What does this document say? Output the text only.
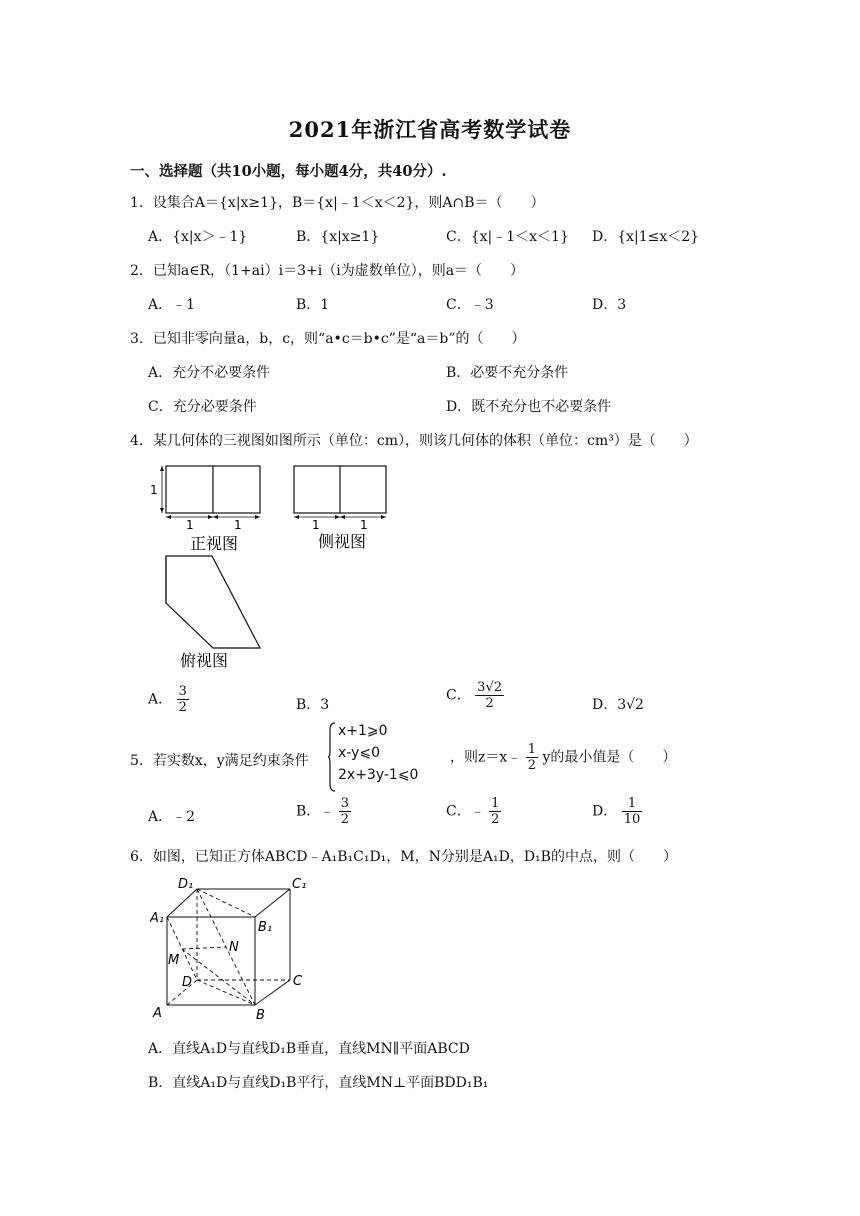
2021年浙江省高考数学试卷
一、选择题（共10小题，每小题4分，共40分）.
1．设集合A＝{x|x≥1}，B＝{x|﹣1＜x＜2}，则A∩B＝（　　）
A．{x|x＞﹣1}	B．{x|x≥1}	C．{x|﹣1＜x＜1} D．{x|1≤x＜2}
2．已知a∈R，（1+ai）i＝3+i（i为虚数单位），则a＝（　　）
A．﹣1	B．1	C．﹣3	D．3
3．已知非零向量a，b，c，则“a•c＝b•c”是“a＝b”的（　　）
A．充分不必要条件	B．必要不充分条件
C．充分必要条件	D．既不充分也不必要条件
4．某几何体的三视图如图所示（单位：cm），则该几何体的体积（单位：cm³）是（　　）
1
1	1
正视图
1	1
侧视图
俯视图
A． $\frac{3}{2}$	B．3
C． $\frac{3√2}{2}$	D．3√2
5．若实数x，y满足约束条件
x+1⩾0
x-y⩽0
2x+3y-1⩽0
，则z＝x﹣ $\frac{1}{2}$ y的最小值是（　　）
A．﹣2	B．﹣ $\frac{3}{2}$	C．﹣ $\frac{1}{2}$	D． $\frac{1}{10}$
6．如图，已知正方体ABCD﹣A₁B₁C₁D₁，M，N分别是A₁D，D₁B的中点，则（　　）
D₁	C₁
A₁
B₁
N
M
D	C
A	B
A．直线A₁D与直线D₁B垂直，直线MN∥平面ABCD
B．直线A₁D与直线D₁B平行，直线MN⊥平面BDD₁B₁
